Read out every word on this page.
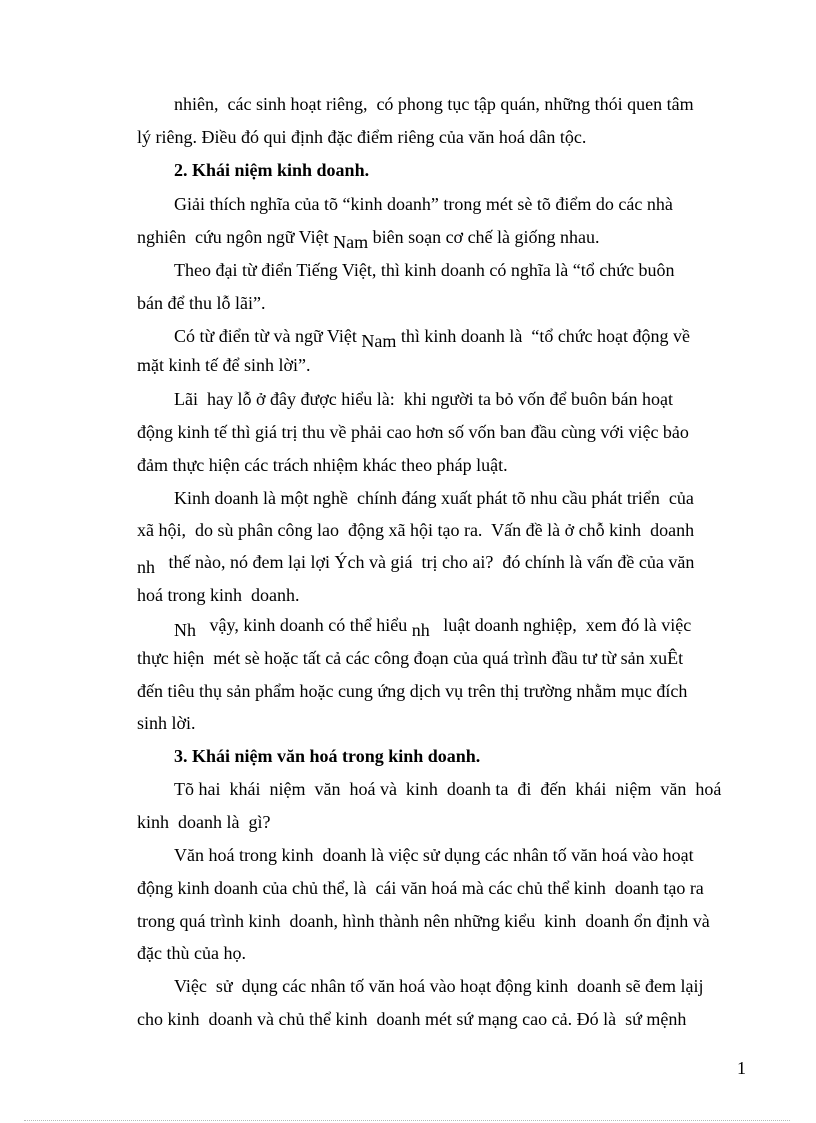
nhiên,  các sinh hoạt riêng,  có phong tục tập quán, những thói quen tâm
lý riêng. Điều đó qui định đặc điểm riêng của văn hoá dân tộc.
2. Khái niệm kinh doanh.
Giải thích nghĩa của tõ “kinh doanh” trong mét sè tõ điểm do các nhà
nghiên  cứu ngôn ngữ Việt Nam biên soạn cơ chế là giống nhau.
Theo đại từ điển Tiếng Việt, thì kinh doanh có nghĩa là “tổ chức buôn
bán để thu lỗ lãi”.
Có từ điển từ và ngữ Việt Nam thì kinh doanh là  “tổ chức hoạt động về
mặt kinh tế để sinh lời”.
Lãi  hay lỗ ở đây được hiểu là:  khi người ta bỏ vốn để buôn bán hoạt
động kinh tế thì giá trị thu về phải cao hơn số vốn ban đầu cùng với việc bảo
đảm thực hiện các trách nhiệm khác theo pháp luật.
Kinh doanh là một nghề  chính đáng xuất phát tõ nhu cầu phát triển  của
xã hội,  do sù phân công lao  động xã hội tạo ra.  Vấn đề là ở chỗ kinh  doanh
nh   thế nào, nó đem lại lợi Ých và giá  trị cho ai?  đó chính là vấn đề của văn
hoá trong kinh  doanh.
Nh   vậy, kinh doanh có thể hiểu nh   luật doanh nghiệp,  xem đó là việc
thực hiện  mét sè hoặc tất cả các công đoạn của quá trình đầu tư từ sản xuÊt
đến tiêu thụ sản phẩm hoặc cung ứng dịch vụ trên thị trường nhằm mục đích
sinh lời.
3. Khái niệm văn hoá trong kinh doanh.
Tõ hai  khái  niệm  văn  hoá và  kinh  doanh ta  đi  đến  khái  niệm  văn  hoá
kinh  doanh là  gì?
Văn hoá trong kinh  doanh là việc sử dụng các nhân tố văn hoá vào hoạt
động kinh doanh của chủ thể, là  cái văn hoá mà các chủ thể kinh  doanh tạo ra
trong quá trình kinh  doanh, hình thành nên những kiểu  kinh  doanh ổn định và
đặc thù của họ.
Việc  sử  dụng các nhân tố văn hoá vào hoạt động kinh  doanh sẽ đem lạij
cho kinh  doanh và chủ thể kinh  doanh mét sứ mạng cao cả. Đó là  sứ mệnh
1
